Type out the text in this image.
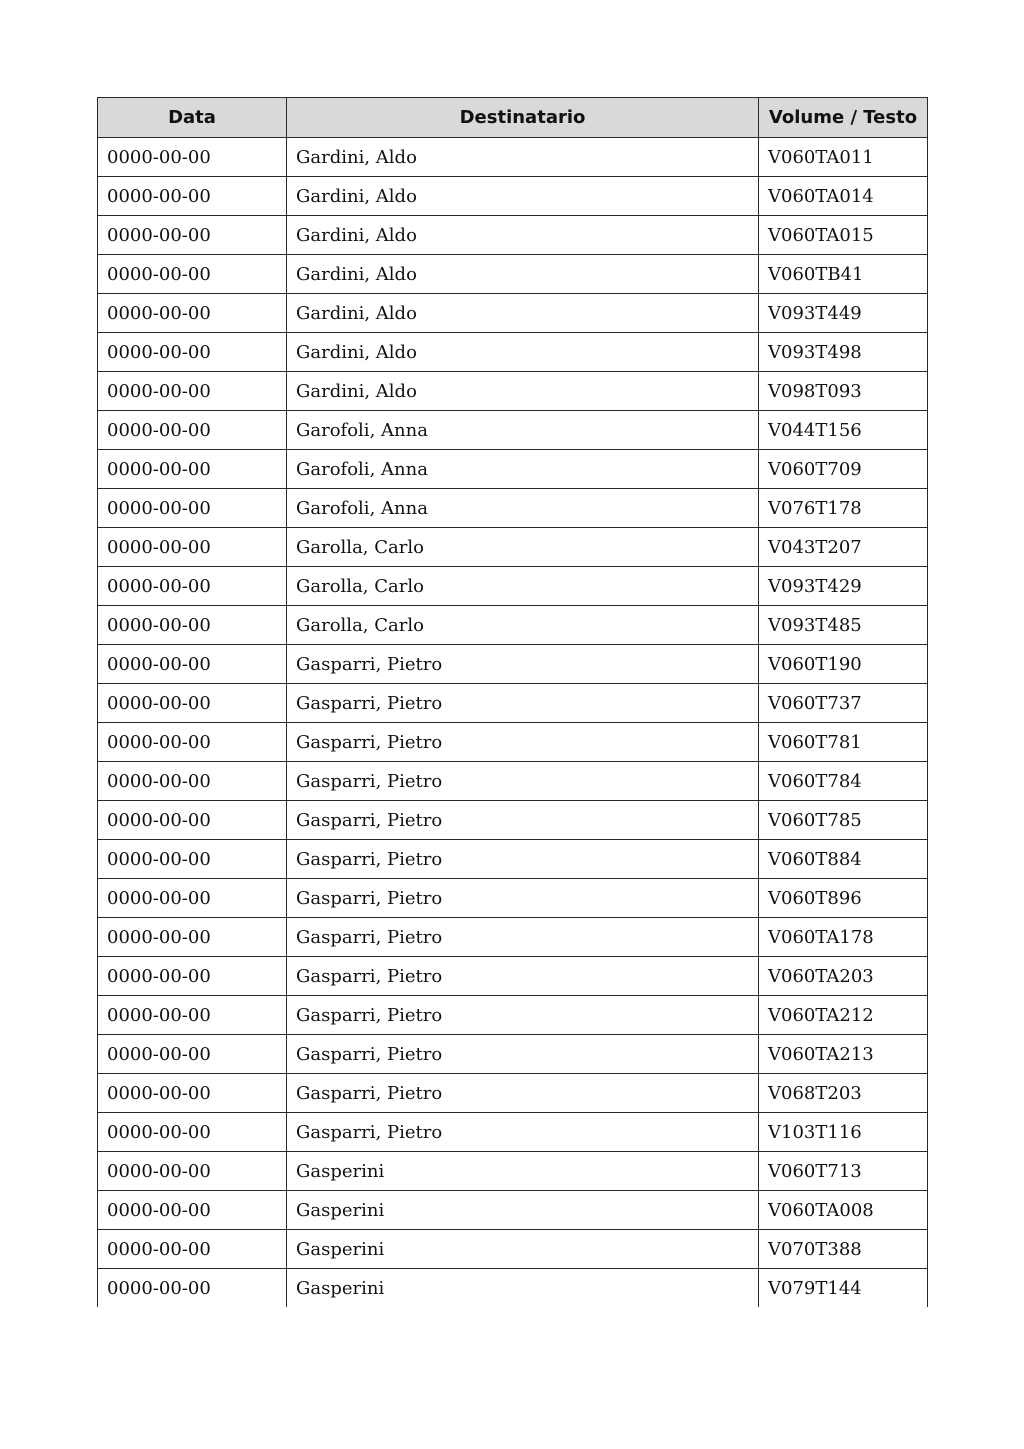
Data	Destinatario	Volume / Testo
0000-00-00	Gardini, Aldo	V060TA011
0000-00-00	Gardini, Aldo	V060TA014
0000-00-00	Gardini, Aldo	V060TA015
0000-00-00	Gardini, Aldo	V060TB41
0000-00-00	Gardini, Aldo	V093T449
0000-00-00	Gardini, Aldo	V093T498
0000-00-00	Gardini, Aldo	V098T093
0000-00-00	Garofoli, Anna	V044T156
0000-00-00	Garofoli, Anna	V060T709
0000-00-00	Garofoli, Anna	V076T178
0000-00-00	Garolla, Carlo	V043T207
0000-00-00	Garolla, Carlo	V093T429
0000-00-00	Garolla, Carlo	V093T485
0000-00-00	Gasparri, Pietro	V060T190
0000-00-00	Gasparri, Pietro	V060T737
0000-00-00	Gasparri, Pietro	V060T781
0000-00-00	Gasparri, Pietro	V060T784
0000-00-00	Gasparri, Pietro	V060T785
0000-00-00	Gasparri, Pietro	V060T884
0000-00-00	Gasparri, Pietro	V060T896
0000-00-00	Gasparri, Pietro	V060TA178
0000-00-00	Gasparri, Pietro	V060TA203
0000-00-00	Gasparri, Pietro	V060TA212
0000-00-00	Gasparri, Pietro	V060TA213
0000-00-00	Gasparri, Pietro	V068T203
0000-00-00	Gasparri, Pietro	V103T116
0000-00-00	Gasperini	V060T713
0000-00-00	Gasperini	V060TA008
0000-00-00	Gasperini	V070T388
0000-00-00	Gasperini	V079T144
